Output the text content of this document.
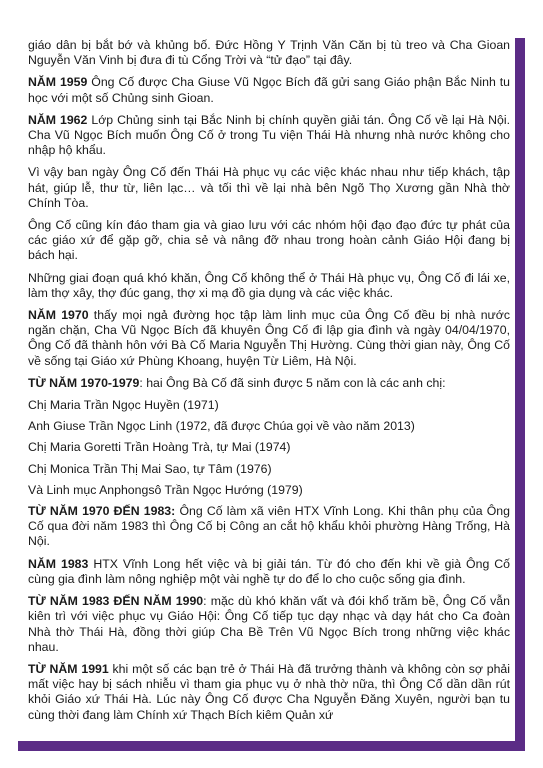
giáo dân bị bắt bớ và khủng bố. Đức Hồng Y Trịnh Văn Căn bị tù treo và Cha Gioan Nguyễn Văn Vinh bị đưa đi tù Cổng Trời và “tử đạo” tại đây.

NĂM 1959 Ông Cố được Cha Giuse Vũ Ngọc Bích đã gửi sang Giáo phận Bắc Ninh tu học với một số Chủng sinh Gioan.

NĂM 1962 Lớp Chủng sinh tại Bắc Ninh bị chính quyền giải tán. Ông Cố về lại Hà Nội. Cha Vũ Ngọc Bích muốn Ông Cố ở trong Tu viện Thái Hà nhưng nhà nước không cho nhập hộ khẩu.

Vì vậy ban ngày Ông Cố đến Thái Hà phục vụ các việc khác nhau như tiếp khách, tập hát, giúp lễ, thư từ, liên lạc… và tối thì về lại nhà bên Ngõ Thọ Xương gần Nhà thờ Chính Tòa.

Ông Cố cũng kín đáo tham gia và giao lưu với các nhóm hội đạo đạo đức tự phát của các giáo xứ để gặp gỡ, chia sẻ và nâng đỡ nhau trong hoàn cảnh Giáo Hội đang bị bách hại.

Những giai đoạn quá khó khăn, Ông Cố không thể ở Thái Hà phục vụ, Ông Cố đi lái xe, làm thợ xây, thợ đúc gang, thợ xi mạ đồ gia dụng và các việc khác.

NĂM 1970 thấy mọi ngả đường học tập làm linh mục của Ông Cố đều bị nhà nước ngăn chặn, Cha Vũ Ngọc Bích đã khuyên Ông Cố đi lập gia đình và ngày 04/04/1970, Ông Cố đã thành hôn với Bà Cố Maria Nguyễn Thị Hường. Cùng thời gian này, Ông Cố về sống tại Giáo xứ Phùng Khoang, huyện Từ Liêm, Hà Nội.

TỪ NĂM 1970-1979: hai Ông Bà Cố đã sinh được 5 năm con là các anh chị:

Chị Maria Trần Ngọc Huyền (1971)

Anh Giuse Trần Ngọc Linh (1972, đã được Chúa gọi về vào năm 2013)

Chị Maria Goretti Trần Hoàng Trà, tự Mai (1974)

Chị Monica Trần Thị Mai Sao, tự Tâm (1976)

Và Linh mục Anphongsô Trần Ngọc Hướng (1979)

TỪ NĂM 1970 ĐẾN 1983: Ông Cố làm xã viên HTX Vĩnh Long. Khi thân phụ của Ông Cố qua đời năm 1983 thì Ông Cố bị Công an cắt hộ khẩu khỏi phường Hàng Trống, Hà Nội.

NĂM 1983 HTX Vĩnh Long hết việc và bị giải tán. Từ đó cho đến khi về già Ông Cố cùng gia đình làm nông nghiệp một vài nghề tự do để lo cho cuộc sống gia đình.

TỪ NĂM 1983 ĐẾN NĂM 1990: mặc dù khó khăn vất và đói khổ trăm bề, Ông Cố vẫn kiên trì với việc phục vụ Giáo Hội: Ông Cố tiếp tục dạy nhạc và dạy hát cho Ca đoàn Nhà thờ Thái Hà, đồng thời giúp Cha Bề Trên Vũ Ngọc Bích trong những việc khác nhau.

TỪ NĂM 1991 khi một số các bạn trẻ ở Thái Hà đã trưởng thành và không còn sợ phải mất việc hay bị sách nhiễu vì tham gia phục vụ ở nhà thờ nữa, thì Ông Cố dần dần rút khỏi Giáo xứ Thái Hà. Lúc này Ông Cố được Cha Nguyễn Đăng Xuyên, người bạn tu cùng thời đang làm Chính xứ Thạch Bích kiêm Quản xứ
